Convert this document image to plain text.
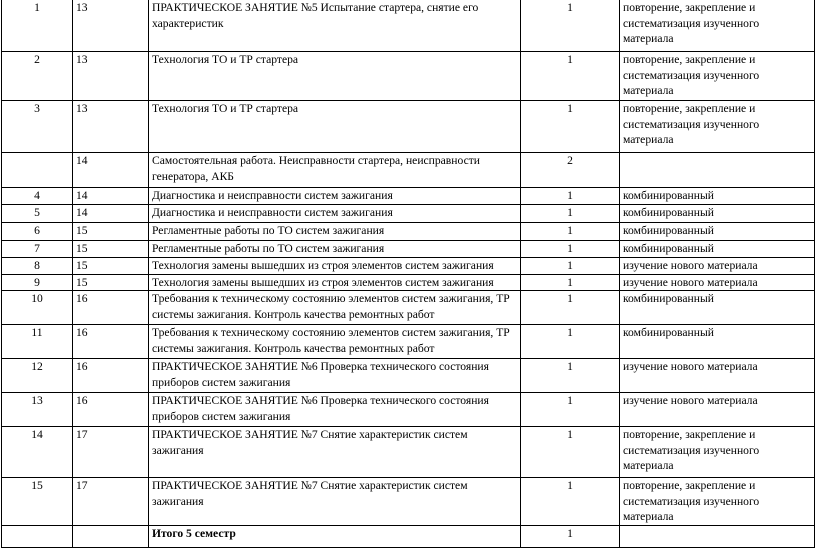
1	13	ПРАКТИЧЕСКОЕ ЗАНЯТИЕ №5 Испытание стартера, снятие его характеристик	1	повторение, закрепление и систематизация изученного материала
2	13	Технология ТО и ТР стартера	1	повторение, закрепление и систематизация изученного материала
3	13	Технология ТО и ТР стартера	1	повторение, закрепление и систематизация изученного материала
	14	Самостоятельная работа. Неисправности стартера, неисправности генератора, АКБ	2	
4	14	Диагностика и неисправности систем зажигания	1	комбинированный
5	14	Диагностика и неисправности систем зажигания	1	комбинированный
6	15	Регламентные работы по ТО систем зажигания	1	комбинированный
7	15	Регламентные работы по ТО систем зажигания	1	комбинированный
8	15	Технология замены вышедших из строя элементов систем зажигания	1	изучение нового материала
9	15	Технология замены вышедших из строя элементов систем зажигания	1	изучение нового материала
10	16	Требования к техническому состоянию элементов систем зажигания, ТР системы зажигания. Контроль качества ремонтных работ	1	комбинированный
11	16	Требования к техническому состоянию элементов систем зажигания, ТР системы зажигания. Контроль качества ремонтных работ	1	комбинированный
12	16	ПРАКТИЧЕСКОЕ ЗАНЯТИЕ №6 Проверка технического состояния приборов систем зажигания	1	изучение нового материала
13	16	ПРАКТИЧЕСКОЕ ЗАНЯТИЕ №6 Проверка технического состояния приборов систем зажигания	1	изучение нового материала
14	17	ПРАКТИЧЕСКОЕ ЗАНЯТИЕ №7 Снятие характеристик систем зажигания	1	повторение, закрепление и систематизация изученного материала
15	17	ПРАКТИЧЕСКОЕ ЗАНЯТИЕ №7 Снятие характеристик систем зажигания	1	повторение, закрепление и систематизация изученного материала
		Итого 5 семестр	1	
